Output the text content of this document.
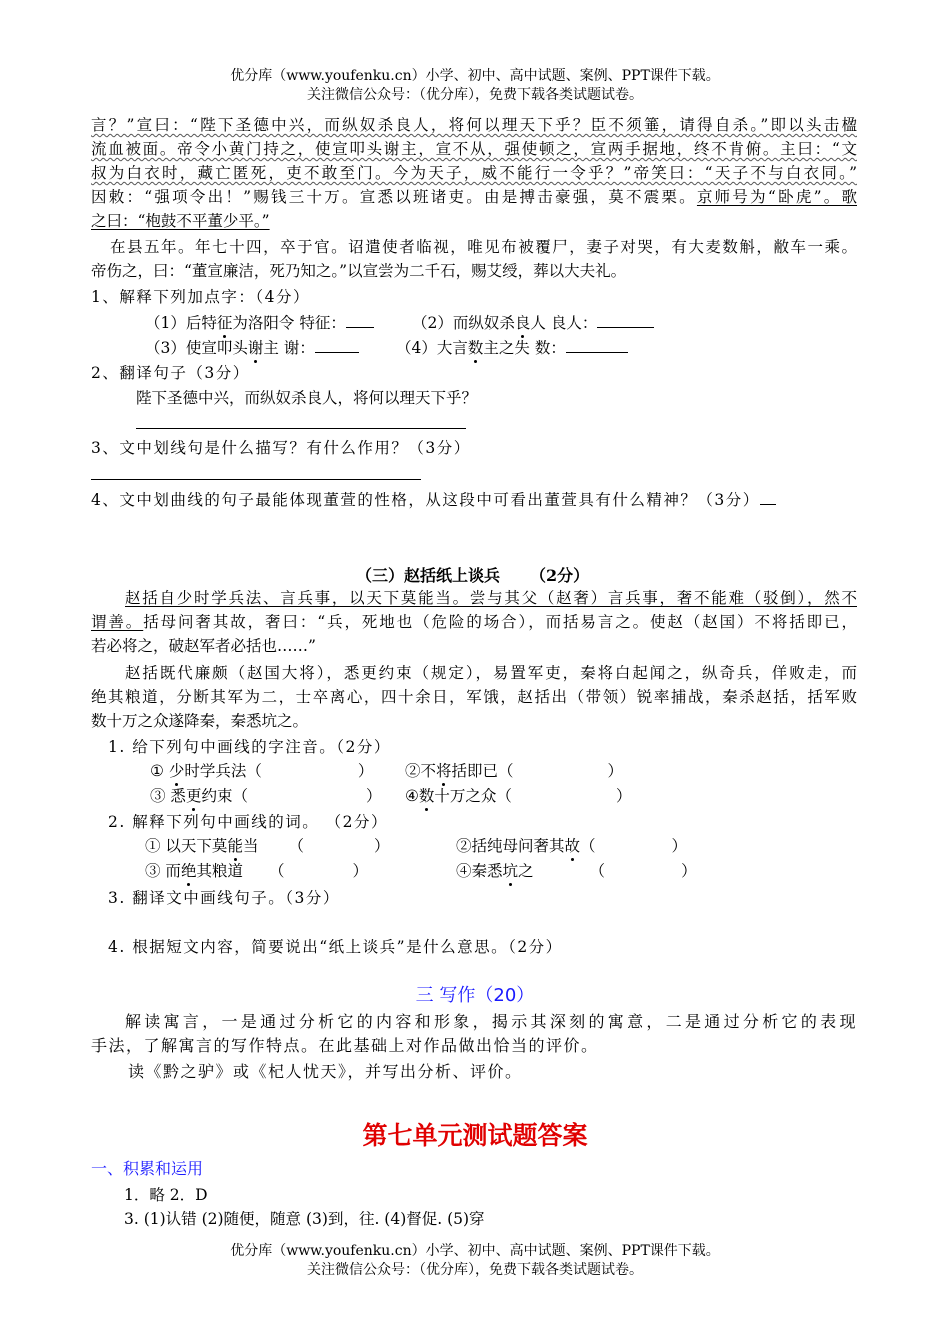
优分库（www.youfenku.cn）小学、初中、高中试题、案例、PPT课件下载。
关注微信公众号：（优分库），免费下载各类试题试卷。
言？”宣曰：“陛下圣德中兴，而纵奴杀良人，将何以理天下乎？臣不须箠，请得自杀。”即以头击楹
流血被面。帝令小黄门持之，使宣叩头谢主，宣不从，强使顿之，宣两手据地，终不肯俯。主曰：“文
叔为白衣时，藏亡匿死，吏不敢至门。今为天子，威不能行一令乎？”帝笑曰：“天子不与白衣同。”
因敕：“强项令出！”赐钱三十万。宣悉以班诸吏。由是搏击豪强，莫不震栗。京师号为“卧虎”。歌
之曰：“枹鼓不平董少平。”
在县五年。年七十四，卒于官。诏遣使者临视，唯见布被覆尸，妻子对哭，有大麦数斛，敝车一乘。
帝伤之，曰：“董宣廉洁，死乃知之。”以宣尝为二千石，赐艾绶，葬以大夫礼。
1、解释下列加点字：（4分）
（1）后特征为洛阳令 特征：	（2）而纵奴杀良人 良人：
（3）使宣叩头谢主 谢：	（4）大言数主之失 数：
2、翻译句子（3分）
陛下圣德中兴，而纵奴杀良人，将何以理天下乎？
3、文中划线句是什么描写？有什么作用？（3分）
4、文中划曲线的句子最能体现董萱的性格，从这段中可看出董萱具有什么精神？（3分）
（三）赵括纸上谈兵 （2分）
赵括自少时学兵法、言兵事，以天下莫能当。尝与其父（赵奢）言兵事，奢不能难（驳倒），然不
谓善。括母问奢其故，奢曰：“兵，死地也（危险的场合），而括易言之。使赵（赵国）不将括即已，
若必将之，破赵军者必括也……”
赵括既代廉颇（赵国大将），悉更约束（规定），易置军吏，秦将白起闻之，纵奇兵，佯败走，而
绝其粮道，分断其军为二，士卒离心，四十余日，军饿，赵括出（带领）锐率捕战，秦杀赵括，括军败
数十万之众遂降秦，秦悉坑之。
1. 给下列句中画线的字注音。（2分）
① 少时学兵法（	） ②不将括即已（	）
③ 悉更约束（	） ④数十万之众（	）
2. 解释下列句中画线的词。 （2分）
① 以天下莫能当 （	）	②括纯母问奢其故（	）
③ 而绝其粮道 （	）	④秦悉坑之	（	）
3. 翻译文中画线句子。（3分）
4. 根据短文内容，简要说出“纸上谈兵”是什么意思。（2分）
三 写作（20）
解读寓言，一是通过分析它的内容和形象，揭示其深刻的寓意，二是通过分析它的表现
手法，了解寓言的写作特点。在此基础上对作品做出恰当的评价。
读《黔之驴》或《杞人忧天》，并写出分析、评价。
第七单元测试题答案
一、积累和运用
1．略 2．D
3. (1)认错 (2)随便，随意 (3)到，往. (4)督促. (5)穿
优分库（www.youfenku.cn）小学、初中、高中试题、案例、PPT课件下载。
关注微信公众号：（优分库），免费下载各类试题试卷。
